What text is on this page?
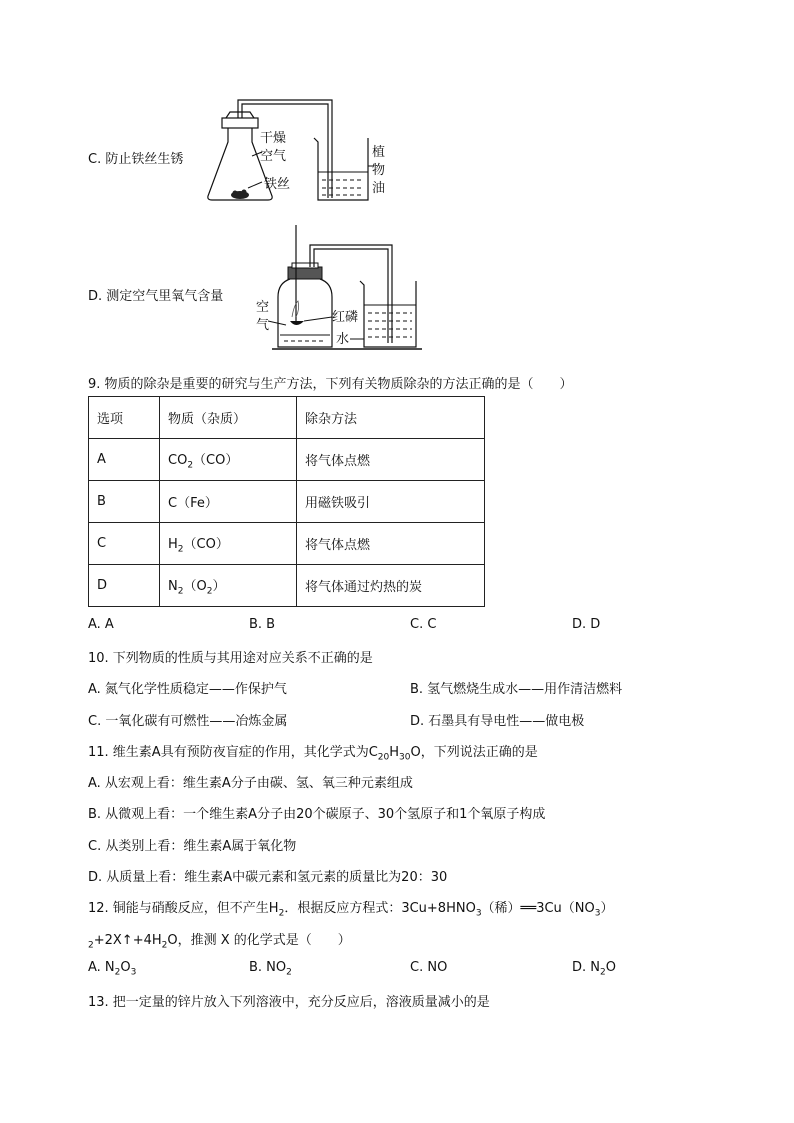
C. 防止铁丝生锈
干燥
空气
铁丝
植
物
油
D. 测定空气里氧气含量
空
气
红磷
水
9. 物质的除杂是重要的研究与生产方法，下列有关物质除杂的方法正确的是（　　）
选项	物质（杂质）	除杂方法
A	$CO_2(CO)$	将气体点燃
B	C（Fe）	用磁铁吸引
C	$H_2(CO)$	将气体点燃
D	$N_2(O_2)$	将气体通过灼热的炭
A. A	B. B	C. C	D. D
10. 下列物质的性质与其用途对应关系不正确的是
A. 氮气化学性质稳定——作保护气	B. 氢气燃烧生成水——用作清洁燃料
C. 一氧化碳有可燃性——冶炼金属	D. 石墨具有导电性——做电极
11. 维生素A具有预防夜盲症的作用，其化学式为$C_{20}H_{30}O$，下列说法正确的是
A. 从宏观上看：维生素A分子由碳、氢、氧三种元素组成
B. 从微观上看：一个维生素A分子由20个碳原子、30个氢原子和1个氧原子构成
C. 从类别上看：维生素A属于氧化物
D. 从质量上看：维生素A中碳元素和氢元素的质量比为20：30
12. 铜能与硝酸反应，但不产生$H_2$．根据反应方程式：$3Cu+8HNO_3$（稀）$══3Cu(NO_3)$
$_2+2X↑+4H_2O$，推测 X 的化学式是（　　）
A. $N_2O_3$	B. $NO_2$	C. NO	D. $N_2O$
13. 把一定量的锌片放入下列溶液中，充分反应后，溶液质量减小的是
